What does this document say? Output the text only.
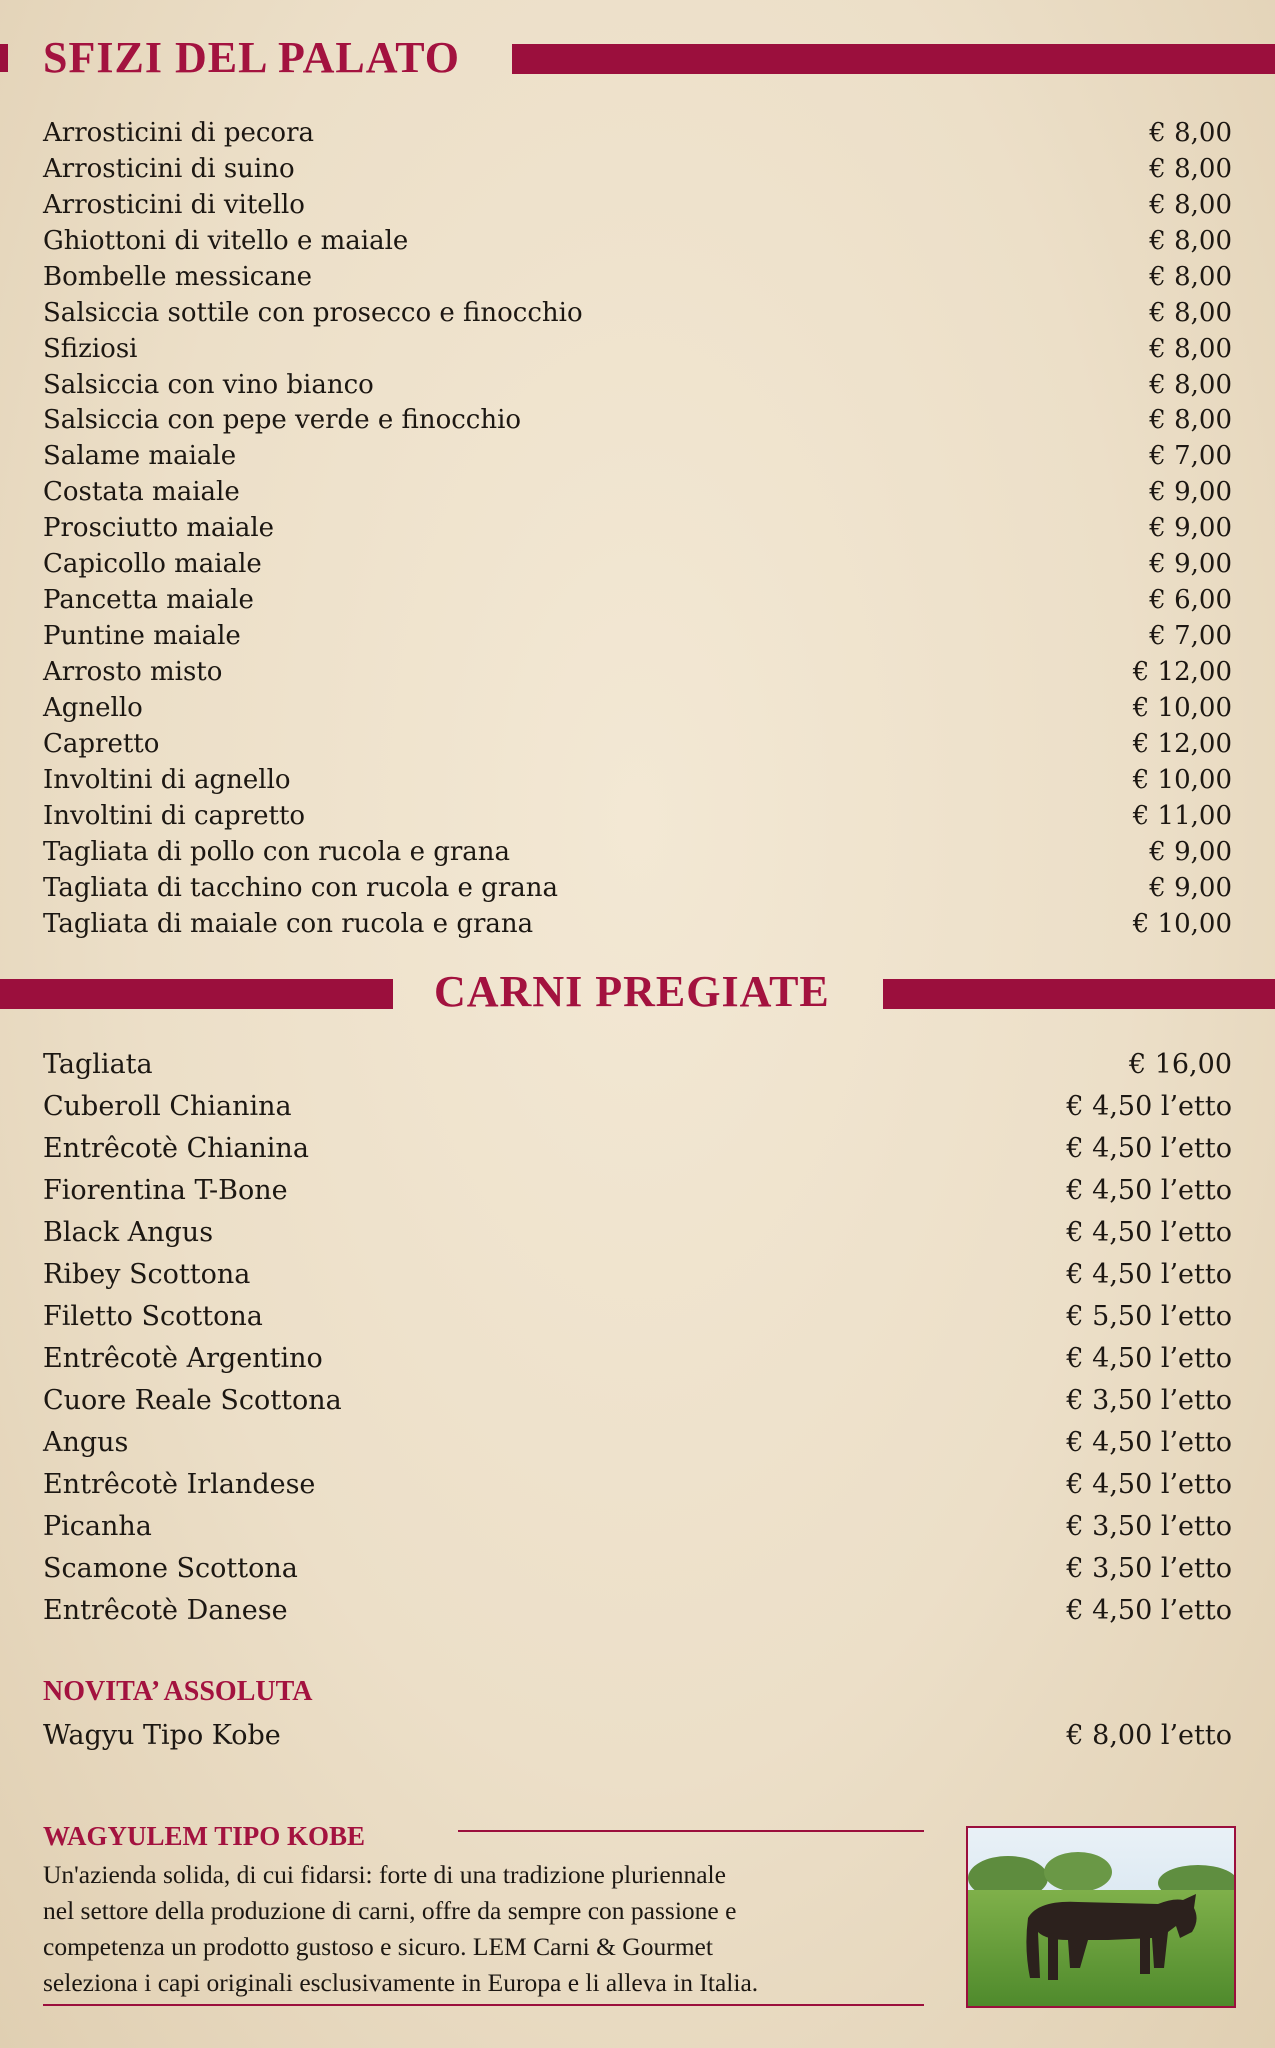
SFIZI DEL PALATO
Arrosticini di pecora	€ 8,00
Arrosticini di suino	€ 8,00
Arrosticini di vitello	€ 8,00
Ghiottoni di vitello e maiale	€ 8,00
Bombelle messicane	€ 8,00
Salsiccia sottile con prosecco e finocchio	€ 8,00
Sfiziosi	€ 8,00
Salsiccia con vino bianco	€ 8,00
Salsiccia con pepe verde e finocchio	€ 8,00
Salame maiale	€ 7,00
Costata maiale	€ 9,00
Prosciutto maiale	€ 9,00
Capicollo maiale	€ 9,00
Pancetta maiale	€ 6,00
Puntine maiale	€ 7,00
Arrosto misto	€ 12,00
Agnello	€ 10,00
Capretto	€ 12,00
Involtini di agnello	€ 10,00
Involtini di capretto	€ 11,00
Tagliata di pollo con rucola e grana	€ 9,00
Tagliata di tacchino con rucola e grana	€ 9,00
Tagliata di maiale con rucola e grana	€ 10,00
CARNI PREGIATE
Tagliata	€ 16,00
Cuberoll Chianina	€ 4,50 l’etto
Entrêcotè Chianina	€ 4,50 l’etto
Fiorentina T-Bone	€ 4,50 l’etto
Black Angus	€ 4,50 l’etto
Ribey Scottona	€ 4,50 l’etto
Filetto Scottona	€ 5,50 l’etto
Entrêcotè Argentino	€ 4,50 l’etto
Cuore Reale Scottona	€ 3,50 l’etto
Angus	€ 4,50 l’etto
Entrêcotè Irlandese	€ 4,50 l’etto
Picanha	€ 3,50 l’etto
Scamone Scottona	€ 3,50 l’etto
Entrêcotè Danese	€ 4,50 l’etto
NOVITA’ ASSOLUTA
Wagyu Tipo Kobe	€ 8,00 l’etto
WAGYULEM TIPO KOBE
Un'azienda solida, di cui fidarsi: forte di una tradizione pluriennale
nel settore della produzione di carni, offre da sempre con passione e
competenza un prodotto gustoso e sicuro. LEM Carni & Gourmet
seleziona i capi originali esclusivamente in Europa e li alleva in Italia.
